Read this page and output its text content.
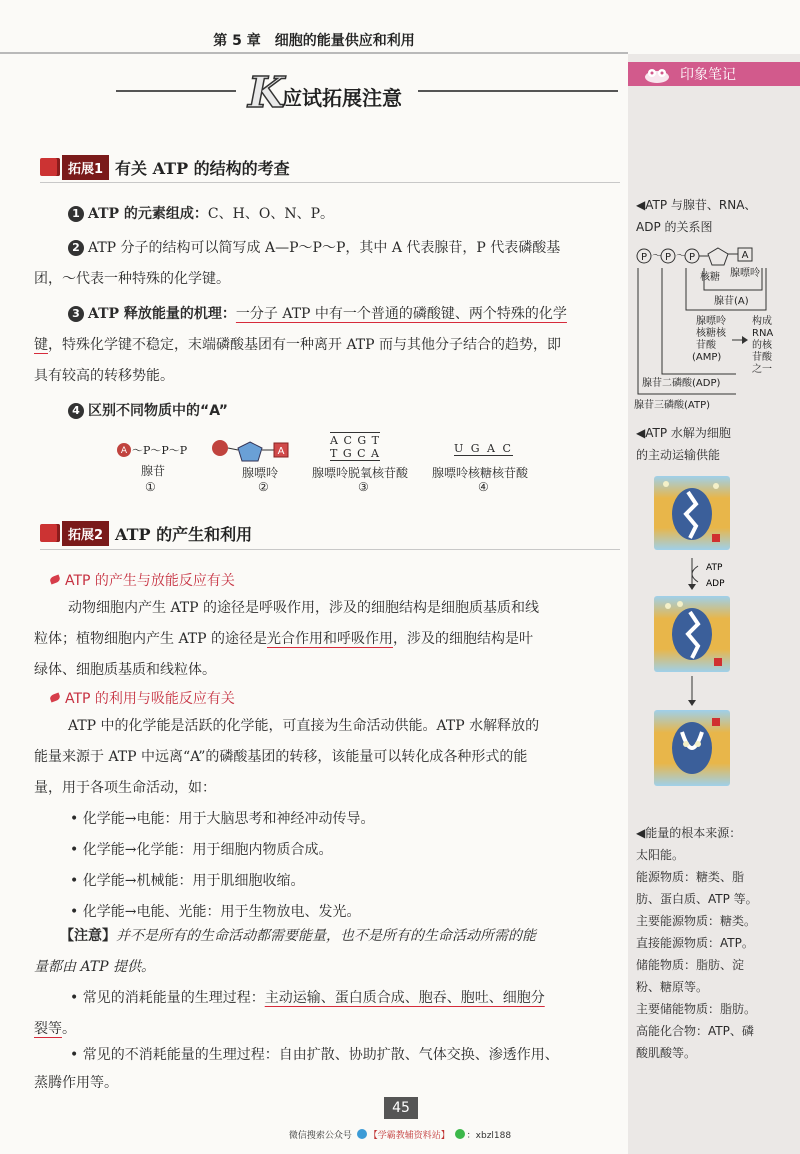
第 5 章 细胞的能量供应和利用
K
应试拓展注意
印象笔记
拓展1 有关 ATP 的结构的考查
1 ATP 的元素组成：C、H、O、N、P。
2 ATP 分子的结构可以简写成 A—P～P～P，其中 A 代表腺苷，P 代表磷酸基
团，～代表一种特殊的化学键。
3 ATP 释放能量的机理：一分子 ATP 中有一个普通的磷酸键、两个特殊的化学
键，特殊化学键不稳定，末端磷酸基团有一种离开 ATP 而与其他分子结合的趋势，即
具有较高的转移势能。
4 区别不同物质中的“A”
A ～P～P～P
腺苷
①
A
腺嘌呤
②
A C G T
T G C A
腺嘌呤脱氧核苷酸
③
U G A C
腺嘌呤核糖核苷酸
④
拓展2 ATP 的产生和利用
ATP 的产生与放能反应有关
动物细胞内产生 ATP 的途径是呼吸作用，涉及的细胞结构是细胞质基质和线
粒体；植物细胞内产生 ATP 的途径是光合作用和呼吸作用，涉及的细胞结构是叶
绿体、细胞质基质和线粒体。
ATP 的利用与吸能反应有关
ATP 中的化学能是活跃的化学能，可直接为生命活动供能。ATP 水解释放的
能量来源于 ATP 中远离“A”的磷酸基团的转移，该能量可以转化成各种形式的能
量，用于各项生命活动，如：
• 化学能→电能：用于大脑思考和神经冲动传导。
• 化学能→化学能：用于细胞内物质合成。
• 化学能→机械能：用于肌细胞收缩。
• 化学能→电能、光能：用于生物放电、发光。
【注意】并不是所有的生命活动都需要能量，也不是所有的生命活动所需的能
量都由 ATP 提供。
• 常见的消耗能量的生理过程：主动运输、蛋白质合成、胞吞、胞吐、细胞分
裂等。
• 常见的不消耗能量的生理过程：自由扩散、协助扩散、气体交换、渗透作用、
蒸腾作用等。
◀ATP 与腺苷、RNA、
ADP 的关系图
P ～ P ～ P	A
核糖 腺嘌呤
腺苷(A)
腺嘌呤
核糖核
苷酸
(AMP)
构成
RNA
的核
苷酸
之一
腺苷二磷酸(ADP)
腺苷三磷酸(ATP)
◀ATP 水解为细胞
的主动运输供能
ATP
ADP
◀能量的根本来源：
太阳能。
能源物质：糖类、脂
肪、蛋白质、ATP 等。
主要能源物质：糖类。
直接能源物质：ATP。
储能物质：脂肪、淀
粉、糖原等。
主要储能物质：脂肪。
高能化合物：ATP、磷
酸肌酸等。
45
微信搜索公众号 【学霸教辅资料站】 ：xbzl188
